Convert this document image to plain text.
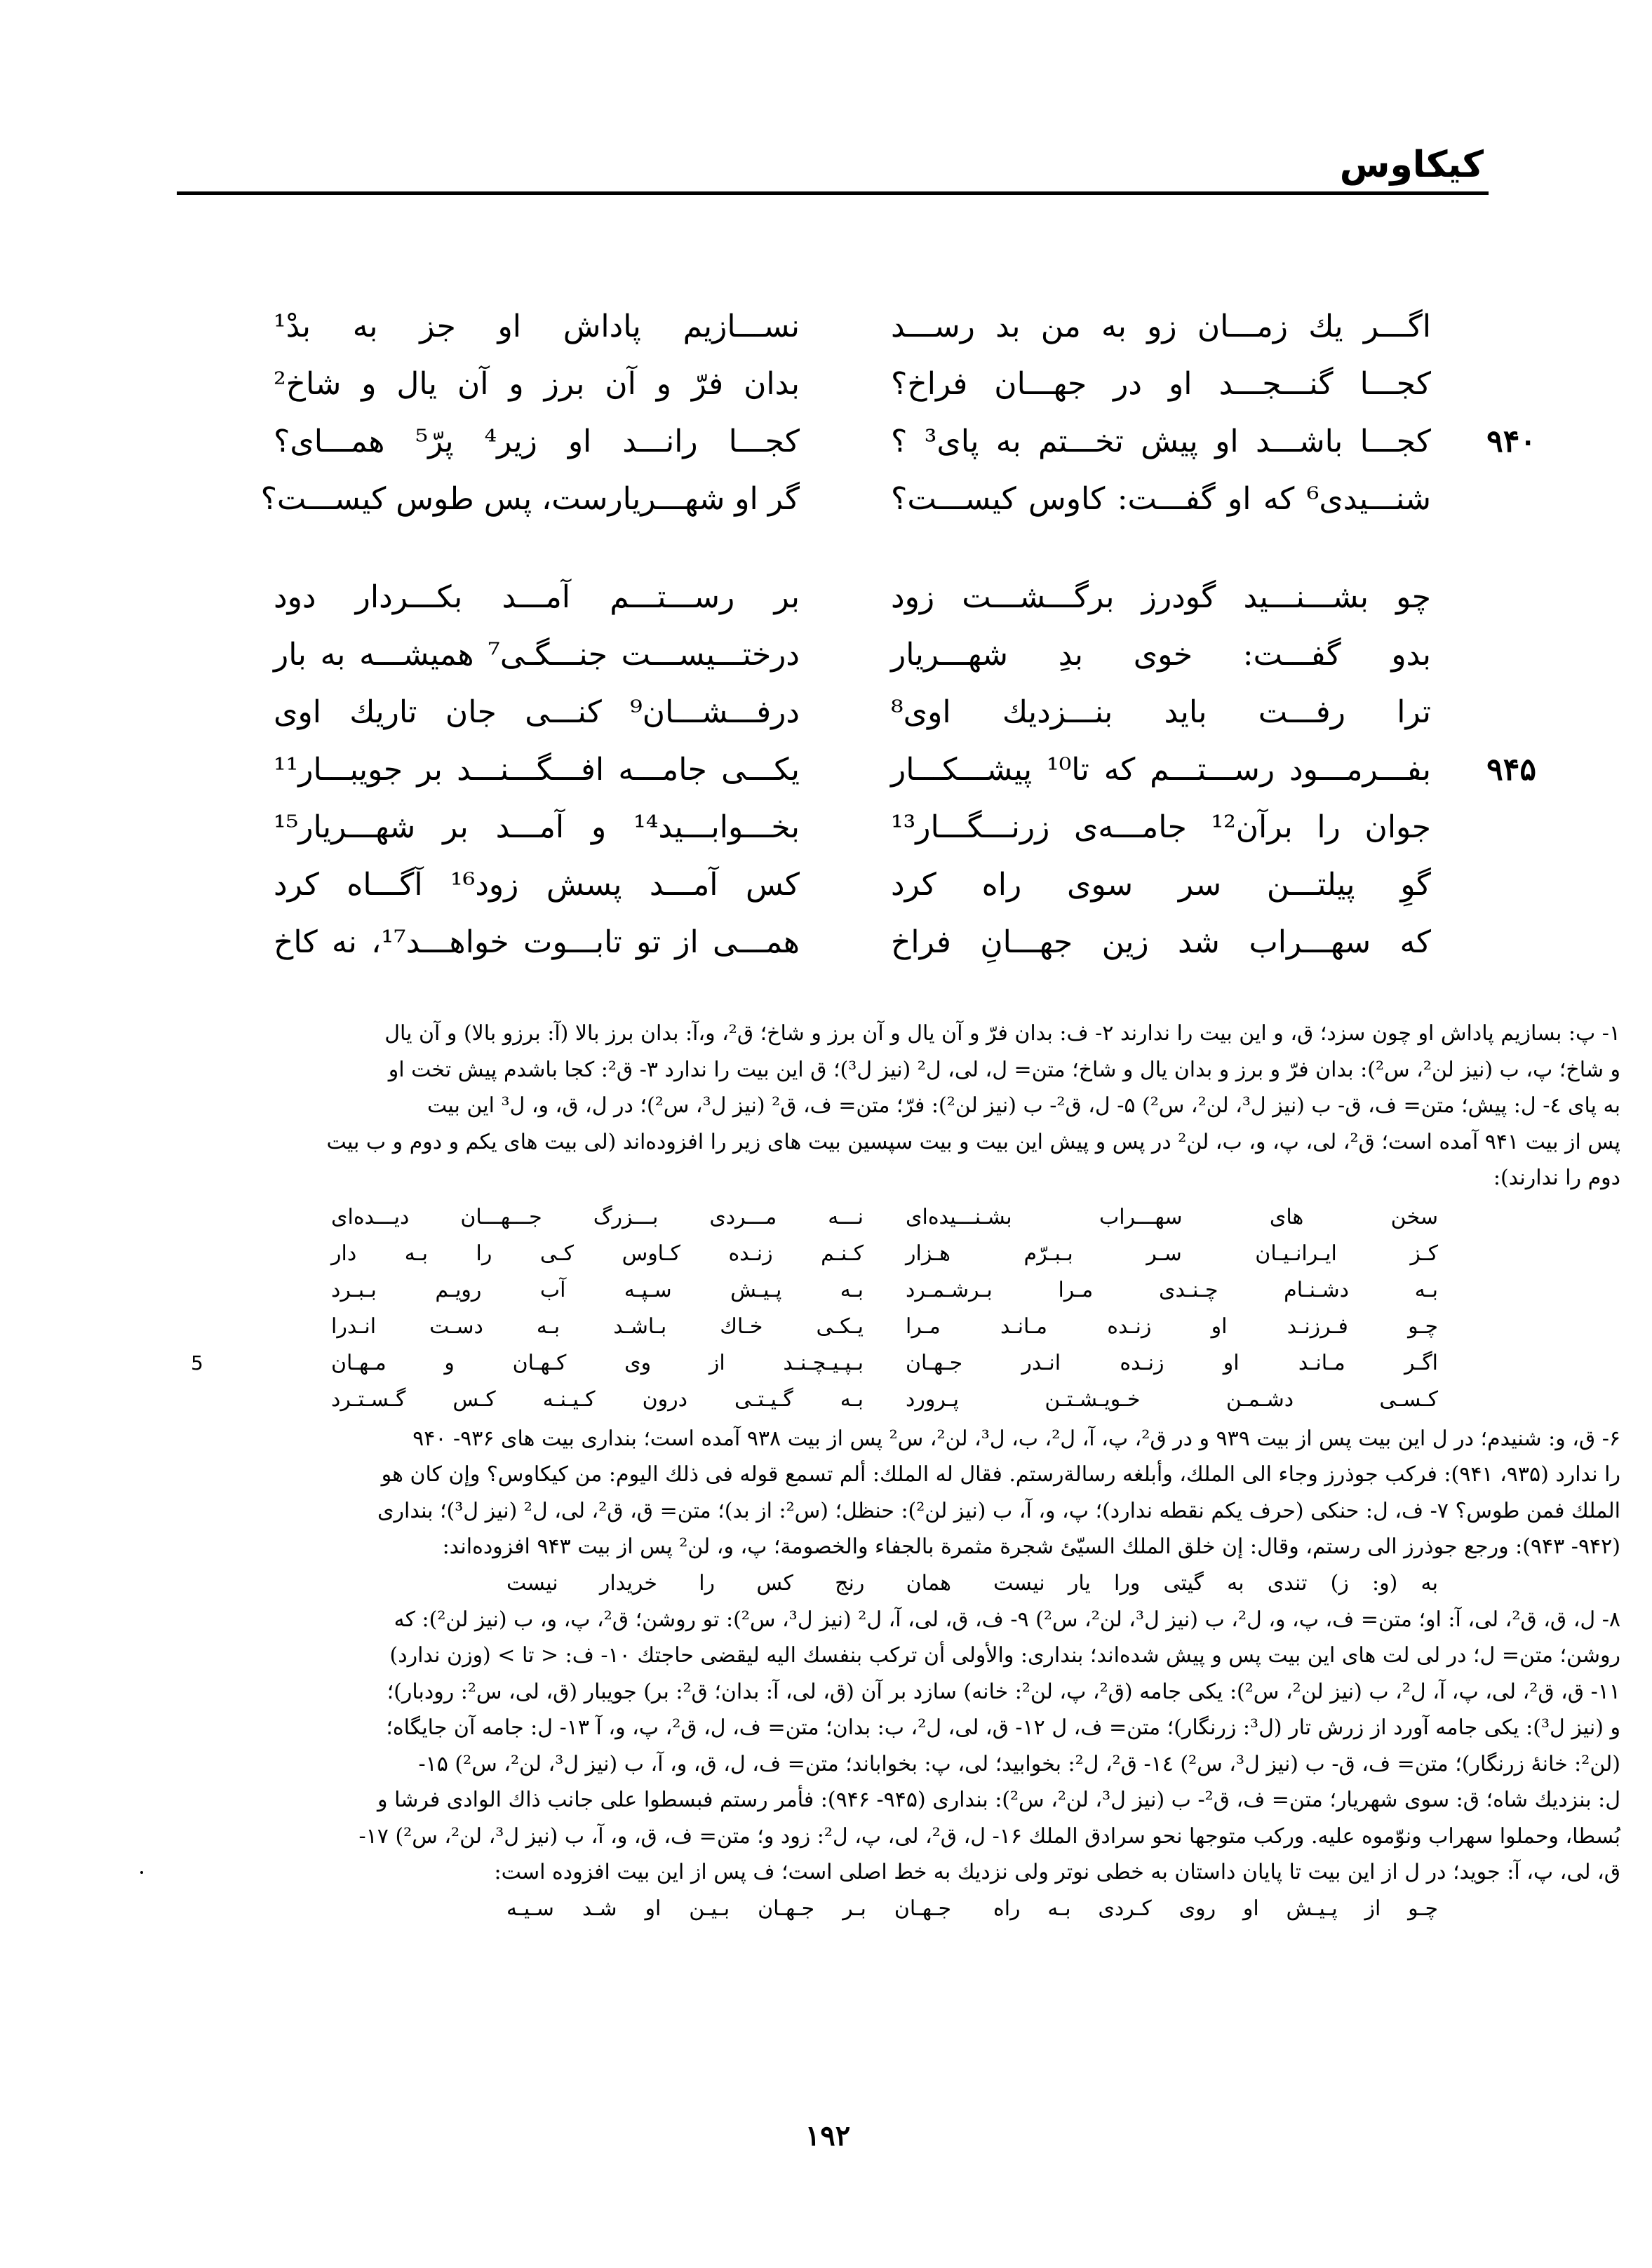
کیکاوس
اگـــر یك زمـــان زو به من بد رســـد
نســـازیم پاداش او جز به بدْ¹
کجـــا گنـــجـــد او در جهـــان فراخ؟
بدان فرّ و آن برز و آن یال و شاخ²
۹۴۰
کجـــا باشـــد او پیش تخـــتم به پای³ ؟
کجـــا رانـــد او زیر⁴ پرّ⁵ همـــای؟
شنـــیدی⁶ که او گفـــت: کاوس کیســـت؟
گر او شهـــریارست، پس طوس کیســـت؟
چو بشـــنـــید گودرز برگـــشـــت زود
بر رســـتـــم آمـــد بکـــردار دود
بدو گفـــت: خوی بدِ شهـــریار
درختـــیســـت جنـــگـی⁷ همیشـــه به بار
ترا رفـــت باید بنـــزدیك اوی⁸
درفـــشـــان⁹ کنـــی جان تاریك اوی
۹۴۵
بفـــرمـــود رســـتـــم که تا¹⁰ پیشـــکـــار
یکـــی جامـــه افـــگـــنـــد بر جویبـــار¹¹
جوان را برآن¹² جامـــه‌ی زرنـــگـــار¹³
بخـــوابـــید¹⁴ و آمـــد بر شهـــریار¹⁵
گوِ پیلتـــن سر سوی راه کرد
کس آمـــد پسش زود¹⁶ آگـــاه کرد
که سهـــراب شد زین جهـــانِ فراخ
همـــی از تو تابـــوت خواهـــد¹⁷، نه کاخ

۱- پ: بسازیم پاداش او چون سزد؛ ق، و این بیت را ندارند ۲- ف: بدان فرّ و آن یال و آن برز و شاخ؛ ق²، و،آ: بدان برز بالا (آ: برزو بالا) و آن یال

و شاخ؛ پ، ب (نیز لن²، س²): بدان فرّ و برز و بدان یال و شاخ؛ متن= ل، لی، ل² (نیز ل³)؛ ق این بیت را ندارد ۳- ق²: کجا باشدم پیش تخت او

به پای ٤- ل: پیش؛ متن= ف، ق- ب (نیز ل³، لن²، س²) ۵- ل، ق²- ب (نیز لن²): فرّ؛ متن= ف، ق² (نیز ل³، س²)؛ در ل، ق، و، ل³ این بیت

پس از بیت ۹۴۱ آمده است؛ ق²، لی، پ، و، ب، لن² در پس و پیش این بیت و بیت سپسین بیت های زیر را افزوده‌اند (لی بیت های یکم و دوم و ب بیت

دوم را ندارند):

سخن های سهـــراب بشـنـــیده‌ای
نـــه مـــردی بـــزرگ جـــهـــان دیـــده‌ای
کـز ایـرانـیـان سـر بـبـرّم هـزار
کـنـم زنـده کـاوس کـی را بـه دار
بـه دشـنـام چـنـدی مـرا بـرشـمـرد
بـه پـیـش سـپـه آب رویـم بـبـرد
چـو فـرزنـد او زنـده مـانـد مـرا
یـکـی خـاك بـاشـد بـه دسـت انـدرا
اگـر مـانـد او زنـده انـدر جـهـان
بـپـیـچـنـد از وی کـهـان و مـهـان
5
کـسـی دشـمـن خـویـشـتـن پـرورد
بـه گـیـتـی درون کـیـنـه کـس گـسـتـرد

۶- ق، و: شنیدم؛ در ل این بیت پس از بیت ۹۳۹ و در ق²، پ، آ، ل²، ب، ل³، لن²، س² پس از بیت ۹۳۸ آمده است؛ بنداری بیت های ۹۳۶- ۹۴۰

را ندارد (۹۳۵، ۹۴۱): فرکب جوذرز وجاء الی الملك، وأبلغه رسالةرستم. فقال له الملك: ألم تسمع قوله فی ذلك الیوم: من کیکاوس؟ وإن کان هو

الملك فمن طوس؟ ۷- ف، ل: حنکی (حرف یکم نقطه ندارد)؛ پ، و، آ، ب (نیز لن²): حنظل؛ (س²: از بد)؛ متن= ق، ق²، لی، ل² (نیز ل³)؛ بنداری

(۹۴۲- ۹۴۳): ورجع جوذرز الی رستم، وقال: إن خلق الملك السیّئ شجرة مثمرة بالجفاء والخصومة؛ پ، و، لن² پس از بیت ۹۴۳ افزوده‌اند:

به (و: ز) تندی به گیتی ورا یار نیست
همان رنج کس را خریدار نیست

۸- ل، ق، ق²، لی، آ: او؛ متن= ف، پ، و، ل²، ب (نیز ل³، لن²، س²) ۹- ف، ق، لی، آ، ل² (نیز ل³، س²): تو روشن؛ ق²، پ، و، ب (نیز لن²): که

روشن؛ متن= ل؛ در لی لت های این بیت پس و پیش شده‌اند؛ بنداری: والأولی أن ترکب بنفسك الیه لیقضی حاجتك ۱۰- ف: < تا > (وزن ندارد)

۱۱- ق، ق²، لی، پ، آ، ل²، ب (نیز لن²، س²): یکی جامه (ق²، پ، لن²: خانه) سازد بر آن (ق، لی، آ: بدان؛ ق²: بر) جویبار (ق، لی، س²: رودبار)؛

و (نیز ل³): یکی جامه آورد از زرش تار (ل³: زرنگار)؛ متن= ف، ل ۱۲- ق، لی، ل²، ب: بدان؛ متن= ف، ل، ق²، پ، و، آ ۱۳- ل: جامه آن جایگاه؛

(لن²: خانهٔ زرنگار)؛ متن= ف، ق- ب (نیز ل³، س²) ١٤- ق²، ل²: بخوابید؛ لی، پ: بخواباند؛ متن= ف، ل، ق، و، آ، ب (نیز ل³، لن²، س²) ۱۵-

ل: بنزدیك شاه؛ ق: سوی شهریار؛ متن= ف، ق²- ب (نیز ل³، لن²، س²): بنداری (۹۴۵- ۹۴۶): فأمر رستم فبسطوا علی جانب ذاك الوادی فرشا و

بُسطا، وحملوا سهراب ونوّموه علیه. ورکب متوجها نحو سرادق الملك ۱۶- ل، ق²، لی، پ، ل²: زود و؛ متن= ف، ق، و، آ، ب (نیز ل³، لن²، س²) ۱۷-

ق، لی، پ، آ: جوید؛ در ل از این بیت تا پایان داستان به خطی نوتر ولی نزدیك به خط اصلی است؛ ف پس از این بیت افزوده است:

چـو از پـیـش او روی کـردی بـه راه
جـهـان بـر جـهـان بـیـن او شـد سـیـه
۱۹۲
